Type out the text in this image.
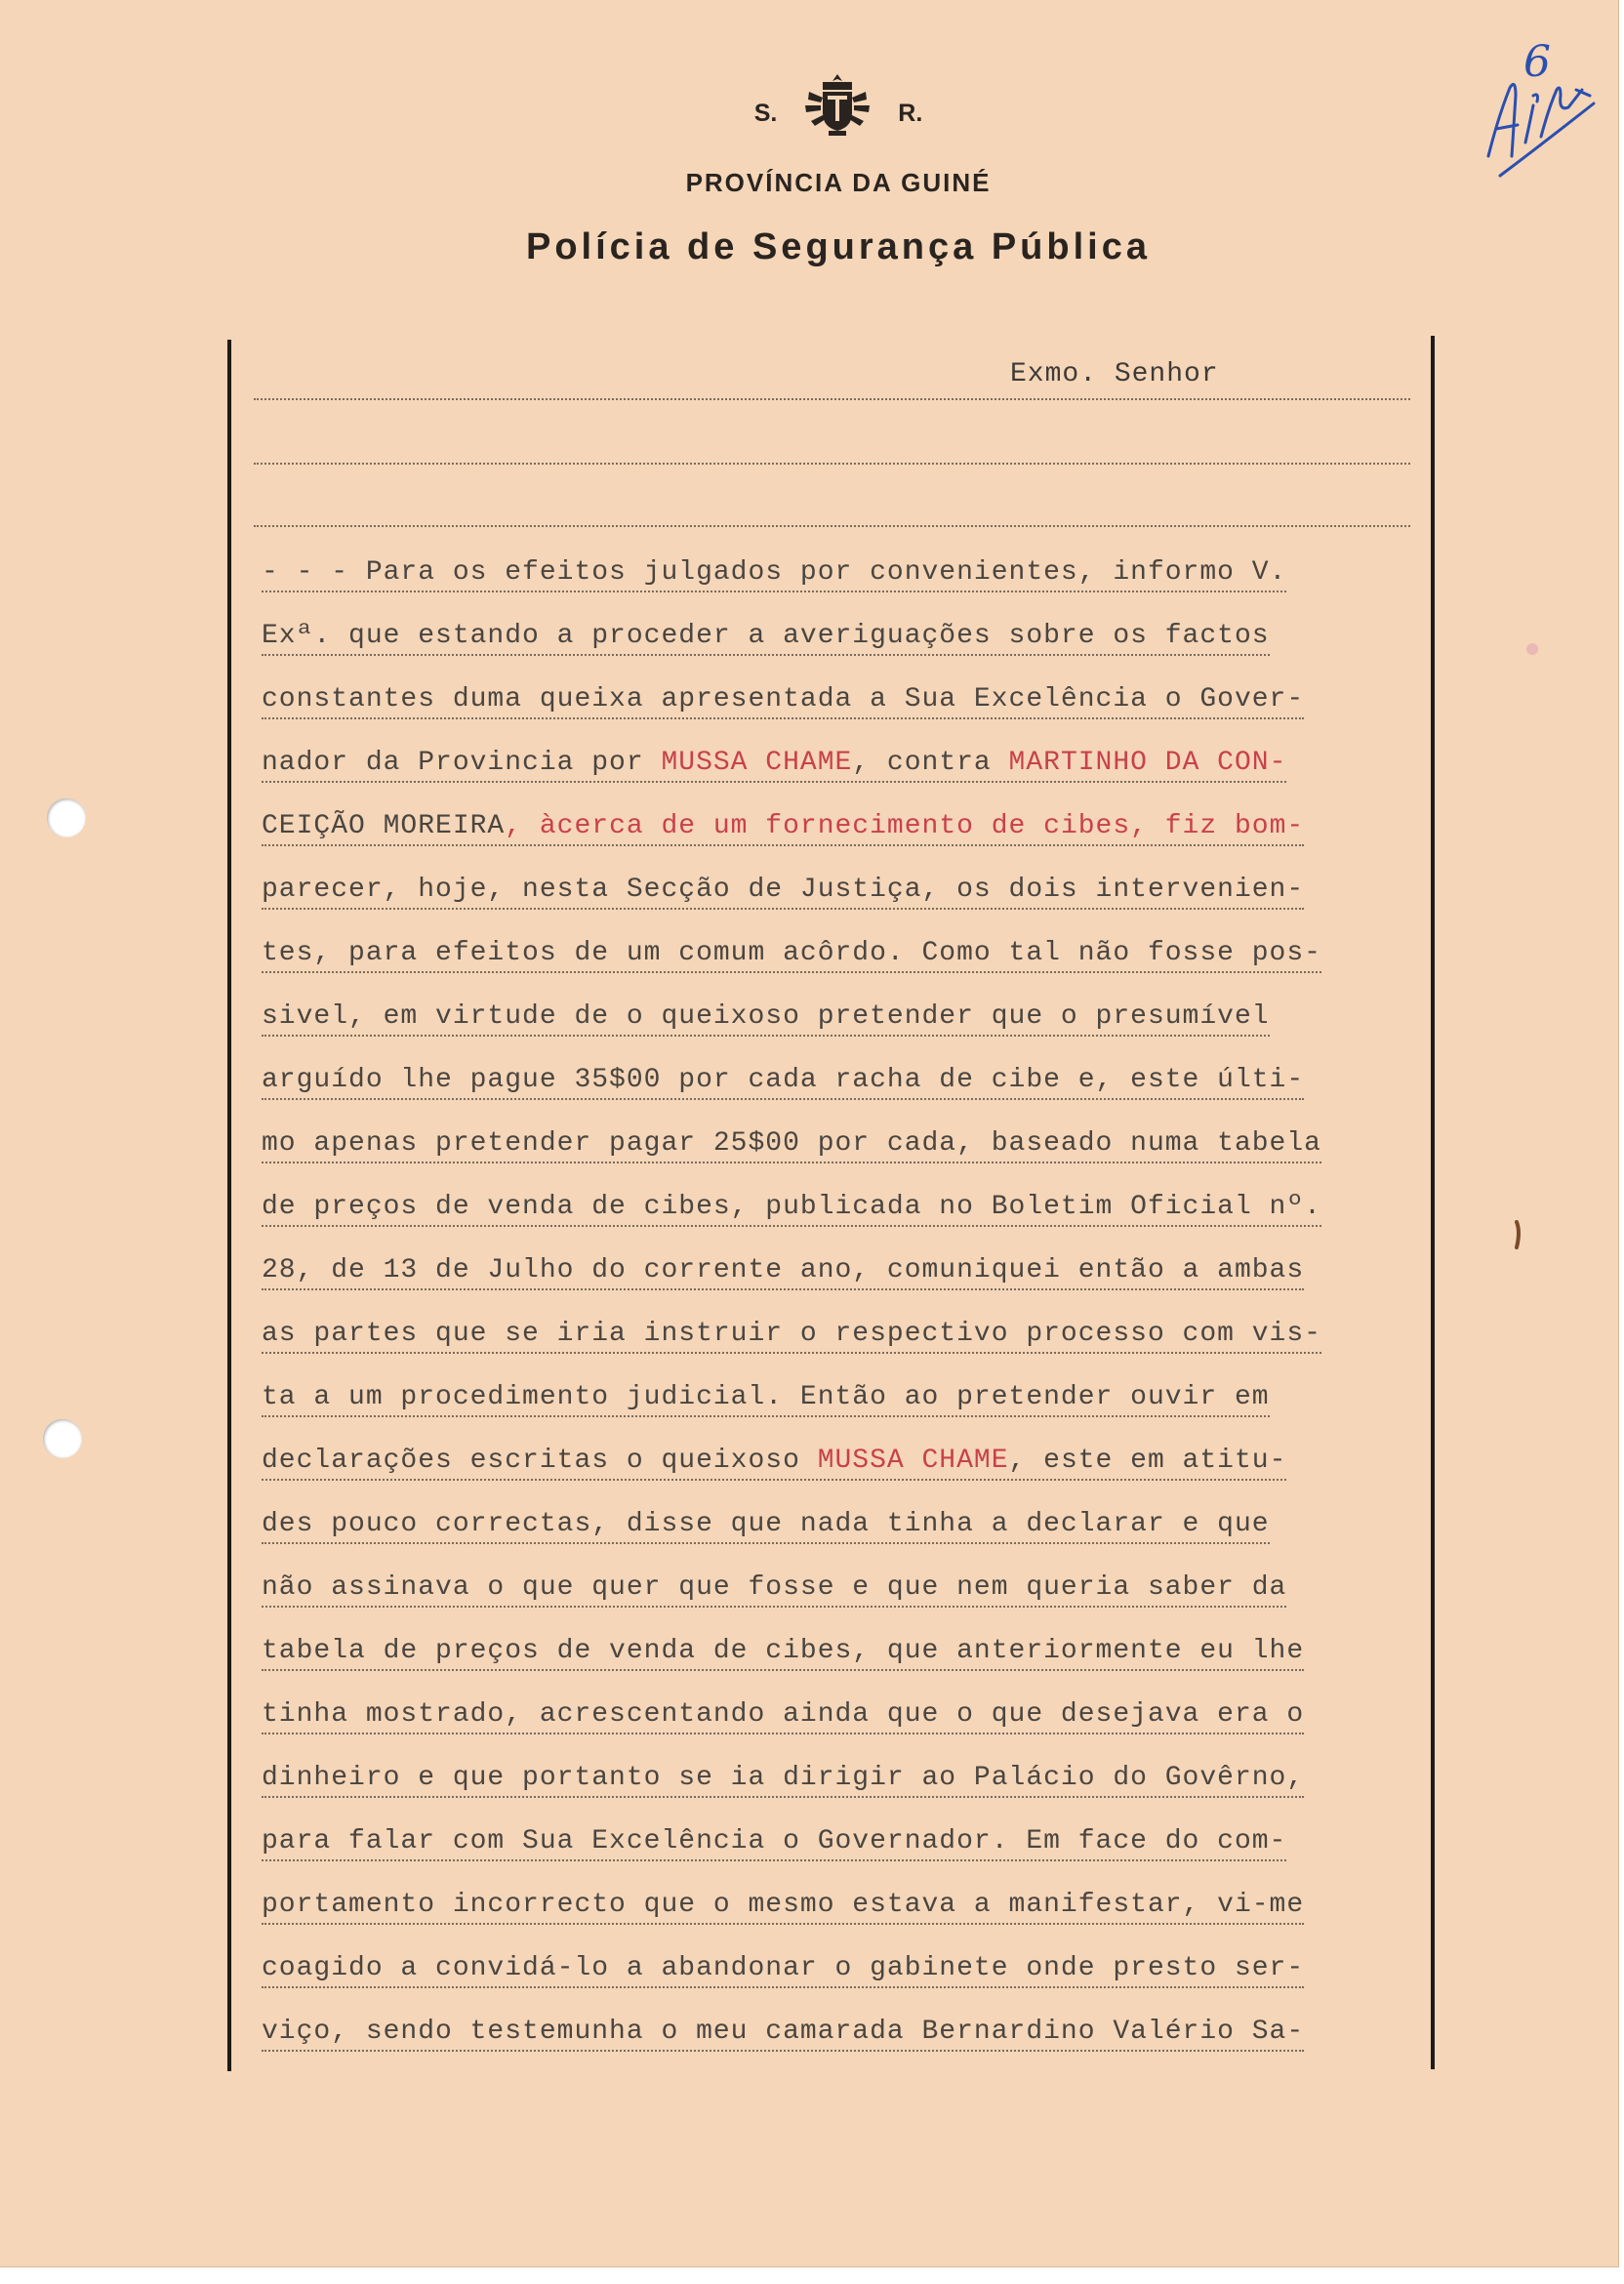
S.	R.
PROVÍNCIA DA GUINÉ
Polícia de Segurança Pública
6
Exmo. Senhor
- - - Para os efeitos julgados por convenientes, informo V.
Exª. que estando a proceder a averiguações sobre os factos
constantes duma queixa apresentada a Sua Excelência o Gover-
nador da Provincia por MUSSA CHAME, contra MARTINHO DA CON-
CEIÇÃO MOREIRA, àcerca de um fornecimento de cibes, fiz bom-
parecer, hoje, nesta Secção de Justiça, os dois intervenien-
tes, para efeitos de um comum acôrdo. Como tal não fosse pos-
sivel, em virtude de o queixoso pretender que o presumível
arguído lhe pague 35$00 por cada racha de cibe e, este últi-
mo apenas pretender pagar 25$00 por cada, baseado numa tabela
de preços de venda de cibes, publicada no Boletim Oficial nº.
28, de 13 de Julho do corrente ano, comuniquei então a ambas
as partes que se iria instruir o respectivo processo com vis-
ta a um procedimento judicial. Então ao pretender ouvir em
declarações escritas o queixoso MUSSA CHAME, este em atitu-
des pouco correctas, disse que nada tinha a declarar e que
não assinava o que quer que fosse e que nem queria saber da
tabela de preços de venda de cibes, que anteriormente eu lhe
tinha mostrado, acrescentando ainda que o que desejava era o
dinheiro e que portanto se ia dirigir ao Palácio do Govêrno,
para falar com Sua Excelência o Governador. Em face do com-
portamento incorrecto que o mesmo estava a manifestar, vi-me
coagido a convidá-lo a abandonar o gabinete onde presto ser-
viço, sendo testemunha o meu camarada Bernardino Valério Sa-
